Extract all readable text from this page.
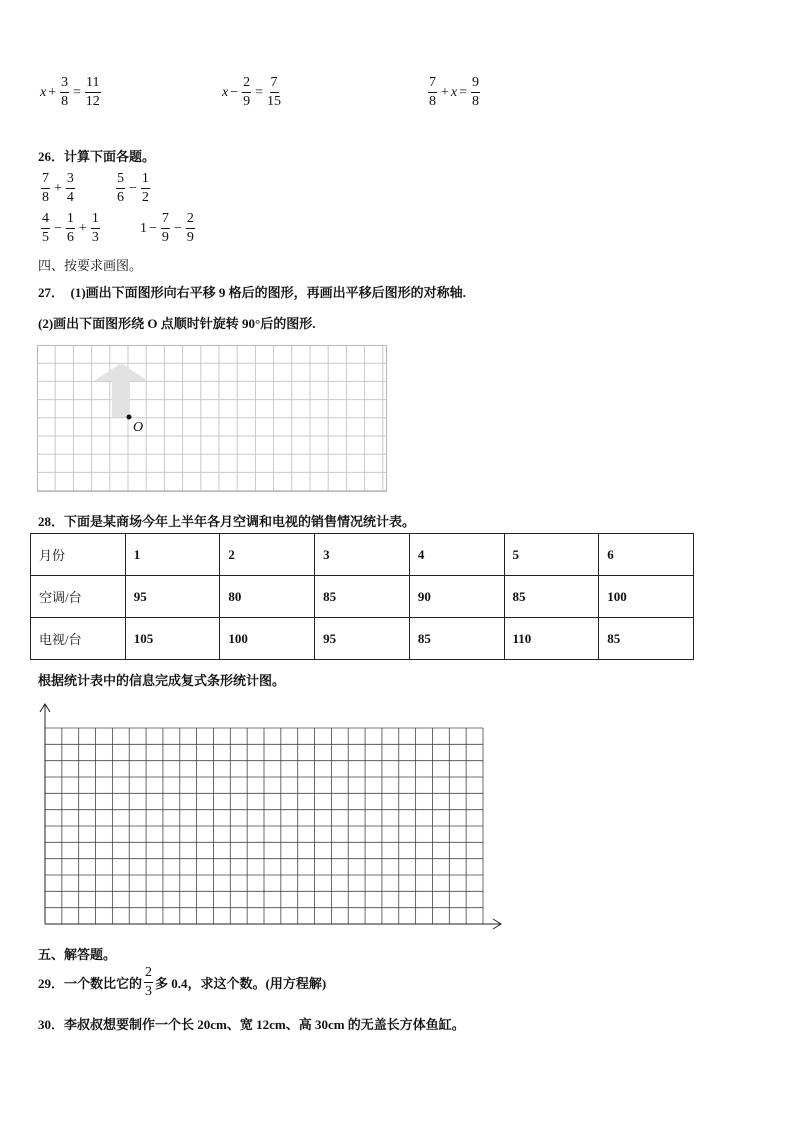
$x + \frac{3}{8} = \frac{11}{12}$	$x - \frac{2}{9} = \frac{7}{15}$	$\frac{7}{8} + x = \frac{9}{8}$
26．计算下面各题。
$\frac{7}{8} + \frac{3}{4}$	$\frac{5}{6} - \frac{1}{2}$
$\frac{4}{5} - \frac{1}{6} + \frac{1}{3}$	$1 - \frac{7}{9} - \frac{2}{9}$
四、按要求画图。
27．　(1)画出下面图形向右平移 9 格后的图形，再画出平移后图形的对称轴.
(2)画出下面图形绕 O 点顺时针旋转 90°后的图形.
O
28．下面是某商场今年上半年各月空调和电视的销售情况统计表。
月份	1	2	3	4	5	6
空调/台	95	80	85	90	85	100
电视/台	105	100	95	85	110	85
根据统计表中的信息完成复式条形统计图。
五、解答题。
29．一个数比它的 $\frac{2}{3}$ 多 0.4，求这个数。(用方程解)
30．李叔叔想要制作一个长 20cm、宽 12cm、高 30cm 的无盖长方体鱼缸。
